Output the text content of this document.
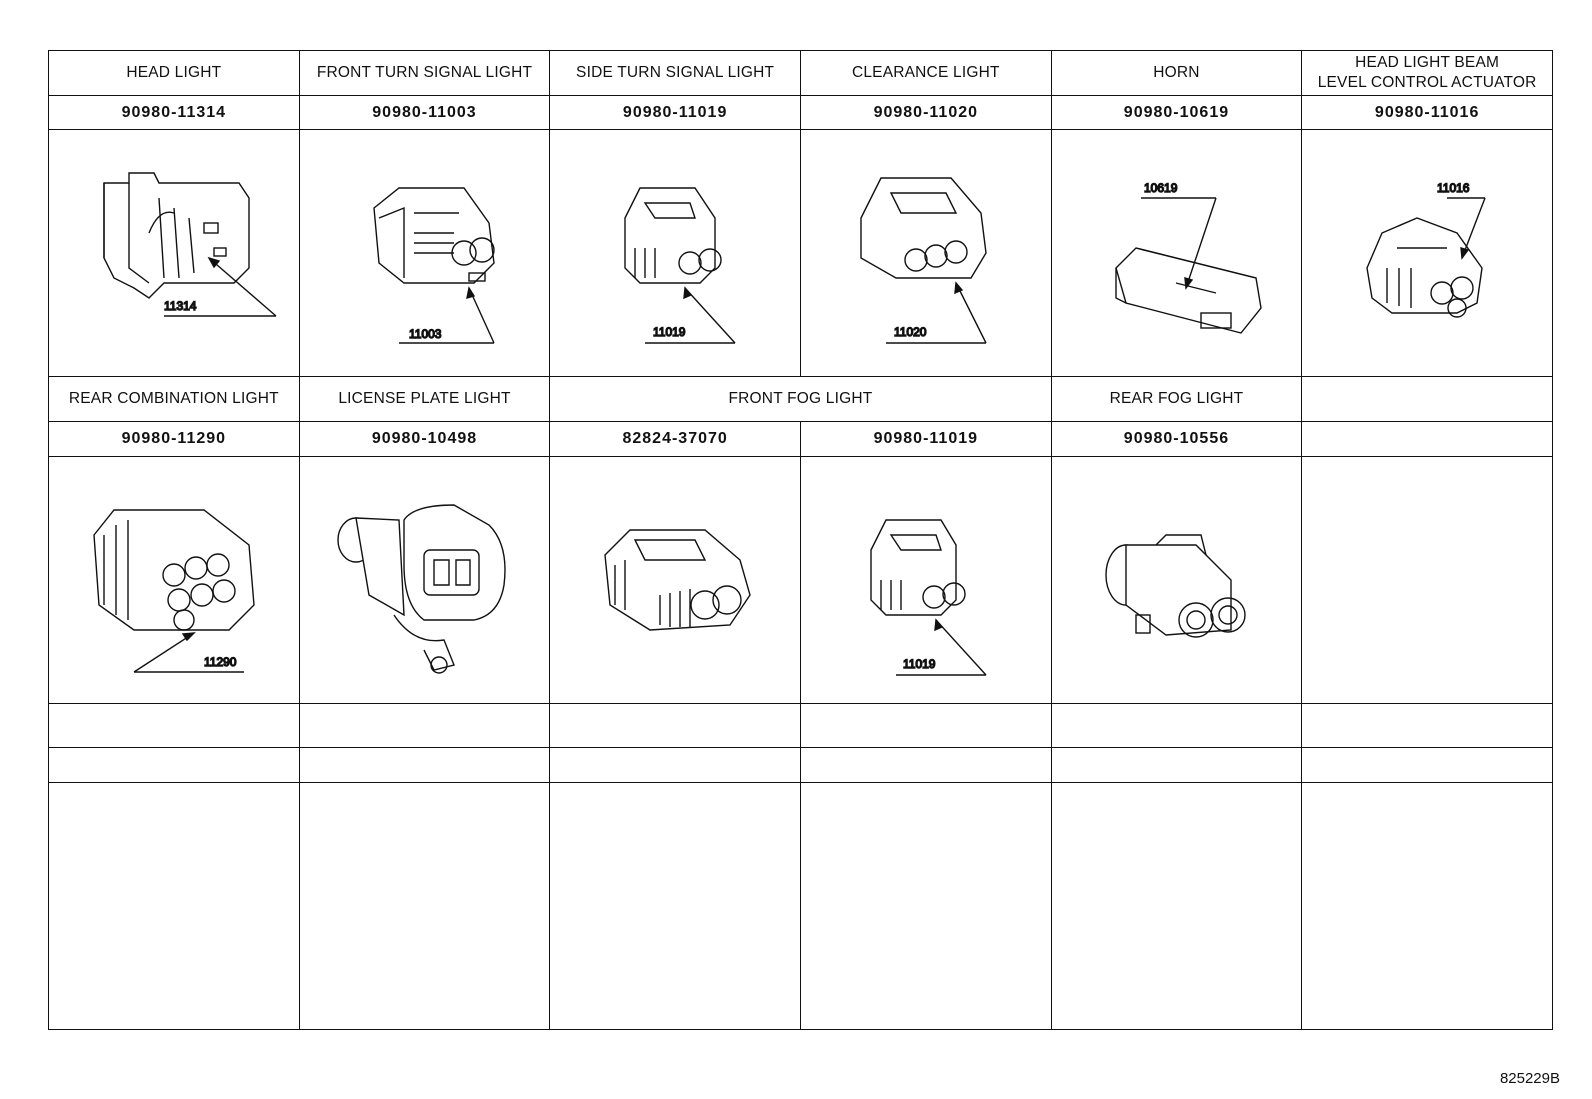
HEAD LIGHT	FRONT TURN SIGNAL LIGHT	SIDE TURN SIGNAL LIGHT	CLEARANCE LIGHT	HORN	HEAD LIGHT BEAM
LEVEL CONTROL ACTUATOR

90980-11314	90980-11003	90980-11019	90980-11020	90980-10619	90980-11016

11314	11003	11019	11020	10619	11016

REAR COMBINATION LIGHT	LICENSE PLATE LIGHT	FRONT FOG LIGHT		REAR FOG LIGHT	
90980-11290	90980-10498	82824-37070	90980-11019	90980-10556	

11290			11019

825229B
